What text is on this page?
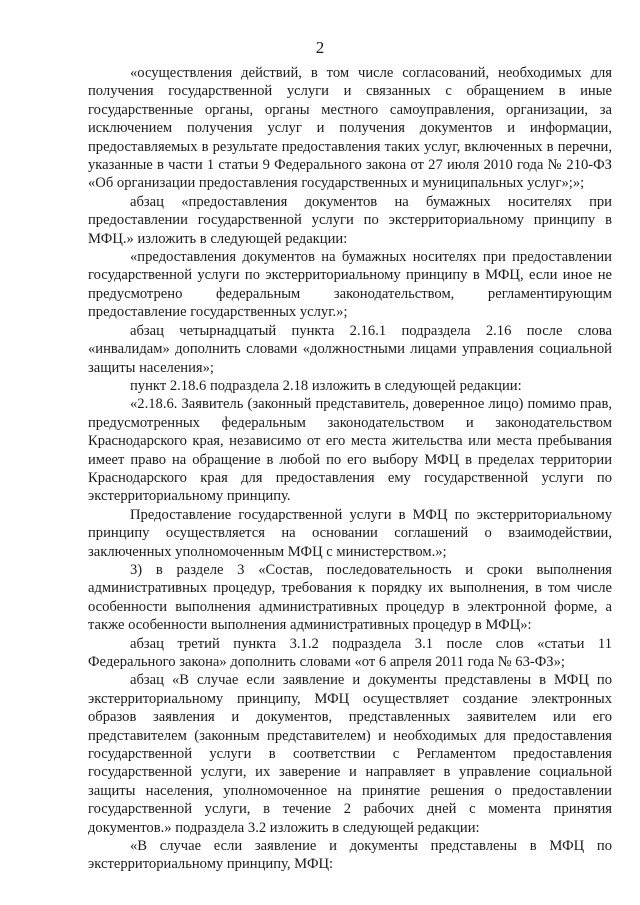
2

«осуществления действий, в том числе согласований, необходимых для получения государственной услуги и связанных с обращением в иные государственные органы, органы местного самоуправления, организации, за исключением получения услуг и получения документов и информации, предоставляемых в результате предоставления таких услуг, включенных в перечни, указанные в части 1 статьи 9 Федерального закона от 27 июля 2010 года № 210-ФЗ «Об организации предоставления государственных и муниципальных услуг»;»;

абзац «предоставления документов на бумажных носителях при предоставлении государственной услуги по экстерриториальному принципу в МФЦ.» изложить в следующей редакции:

«предоставления документов на бумажных носителях при предоставлении государственной услуги по экстерриториальному принципу в МФЦ, если иное не предусмотрено федеральным законодательством, регламентирующим предоставление государственных услуг.»;

абзац четырнадцатый пункта 2.16.1 подраздела 2.16 после слова «инвалидам» дополнить словами «должностными лицами управления социальной защиты населения»;

пункт 2.18.6 подраздела 2.18 изложить в следующей редакции:

«2.18.6. Заявитель (законный представитель, доверенное лицо) помимо прав, предусмотренных федеральным законодательством и законодательством Краснодарского края, независимо от его места жительства или места пребывания имеет право на обращение в любой по его выбору МФЦ в пределах территории Краснодарского края для предоставления ему государственной услуги по экстерриториальному принципу.

Предоставление государственной услуги в МФЦ по экстерриториальному принципу осуществляется на основании соглашений о взаимодействии, заключенных уполномоченным МФЦ с министерством.»;

3) в разделе 3 «Состав, последовательность и сроки выполнения административных процедур, требования к порядку их выполнения, в том числе особенности выполнения административных процедур в электронной форме, а также особенности выполнения административных процедур в МФЦ»:

абзац третий пункта 3.1.2 подраздела 3.1 после слов «статьи 11 Федерального закона» дополнить словами «от 6 апреля 2011 года № 63-ФЗ»;

абзац «В случае если заявление и документы представлены в МФЦ по экстерриториальному принципу, МФЦ осуществляет создание электронных образов заявления и документов, представленных заявителем или его представителем (законным представителем) и необходимых для предоставления государственной услуги в соответствии с Регламентом предоставления государственной услуги, их заверение и направляет в управление социальной защиты населения, уполномоченное на принятие решения о предоставлении государственной услуги, в течение 2 рабочих дней с момента принятия документов.» подраздела 3.2 изложить в следующей редакции:

«В случае если заявление и документы представлены в МФЦ по экстерриториальному принципу, МФЦ:
